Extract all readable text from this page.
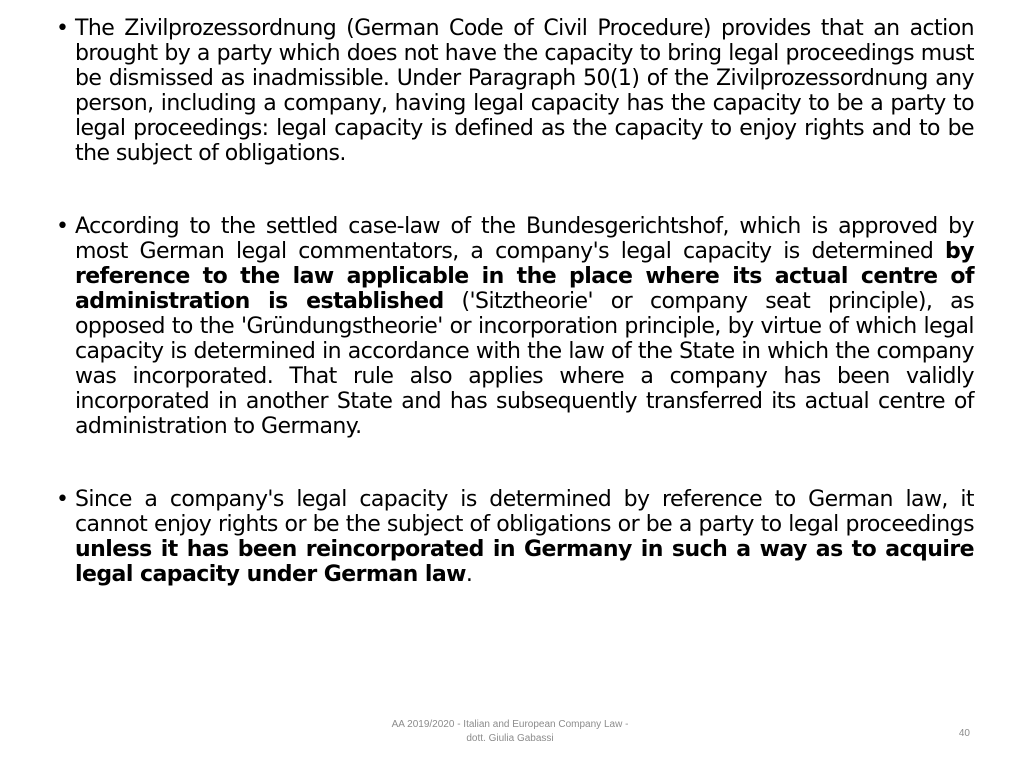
• The Zivilprozessordnung (German Code of Civil Procedure) provides that an action brought by a party which does not have the capacity to bring legal proceedings must be dismissed as inadmissible. Under Paragraph 50(1) of the Zivilprozessordnung any person, including a company, having legal capacity has the capacity to be a party to legal proceedings: legal capacity is defined as the capacity to enjoy rights and to be the subject of obligations.
• According to the settled case-law of the Bundesgerichtshof, which is approved by most German legal commentators, a company's legal capacity is determined by reference to the law applicable in the place where its actual centre of administration is established ('Sitztheorie' or company seat principle), as opposed to the 'Gründungstheorie' or incorporation principle, by virtue of which legal capacity is determined in accordance with the law of the State in which the company was incorporated. That rule also applies where a company has been validly incorporated in another State and has subsequently transferred its actual centre of administration to Germany.
• Since a company's legal capacity is determined by reference to German law, it cannot enjoy rights or be the subject of obligations or be a party to legal proceedings unless it has been reincorporated in Germany in such a way as to acquire legal capacity under German law.
AA 2019/2020 - Italian and European Company Law -
dott. Giulia Gabassi	40
